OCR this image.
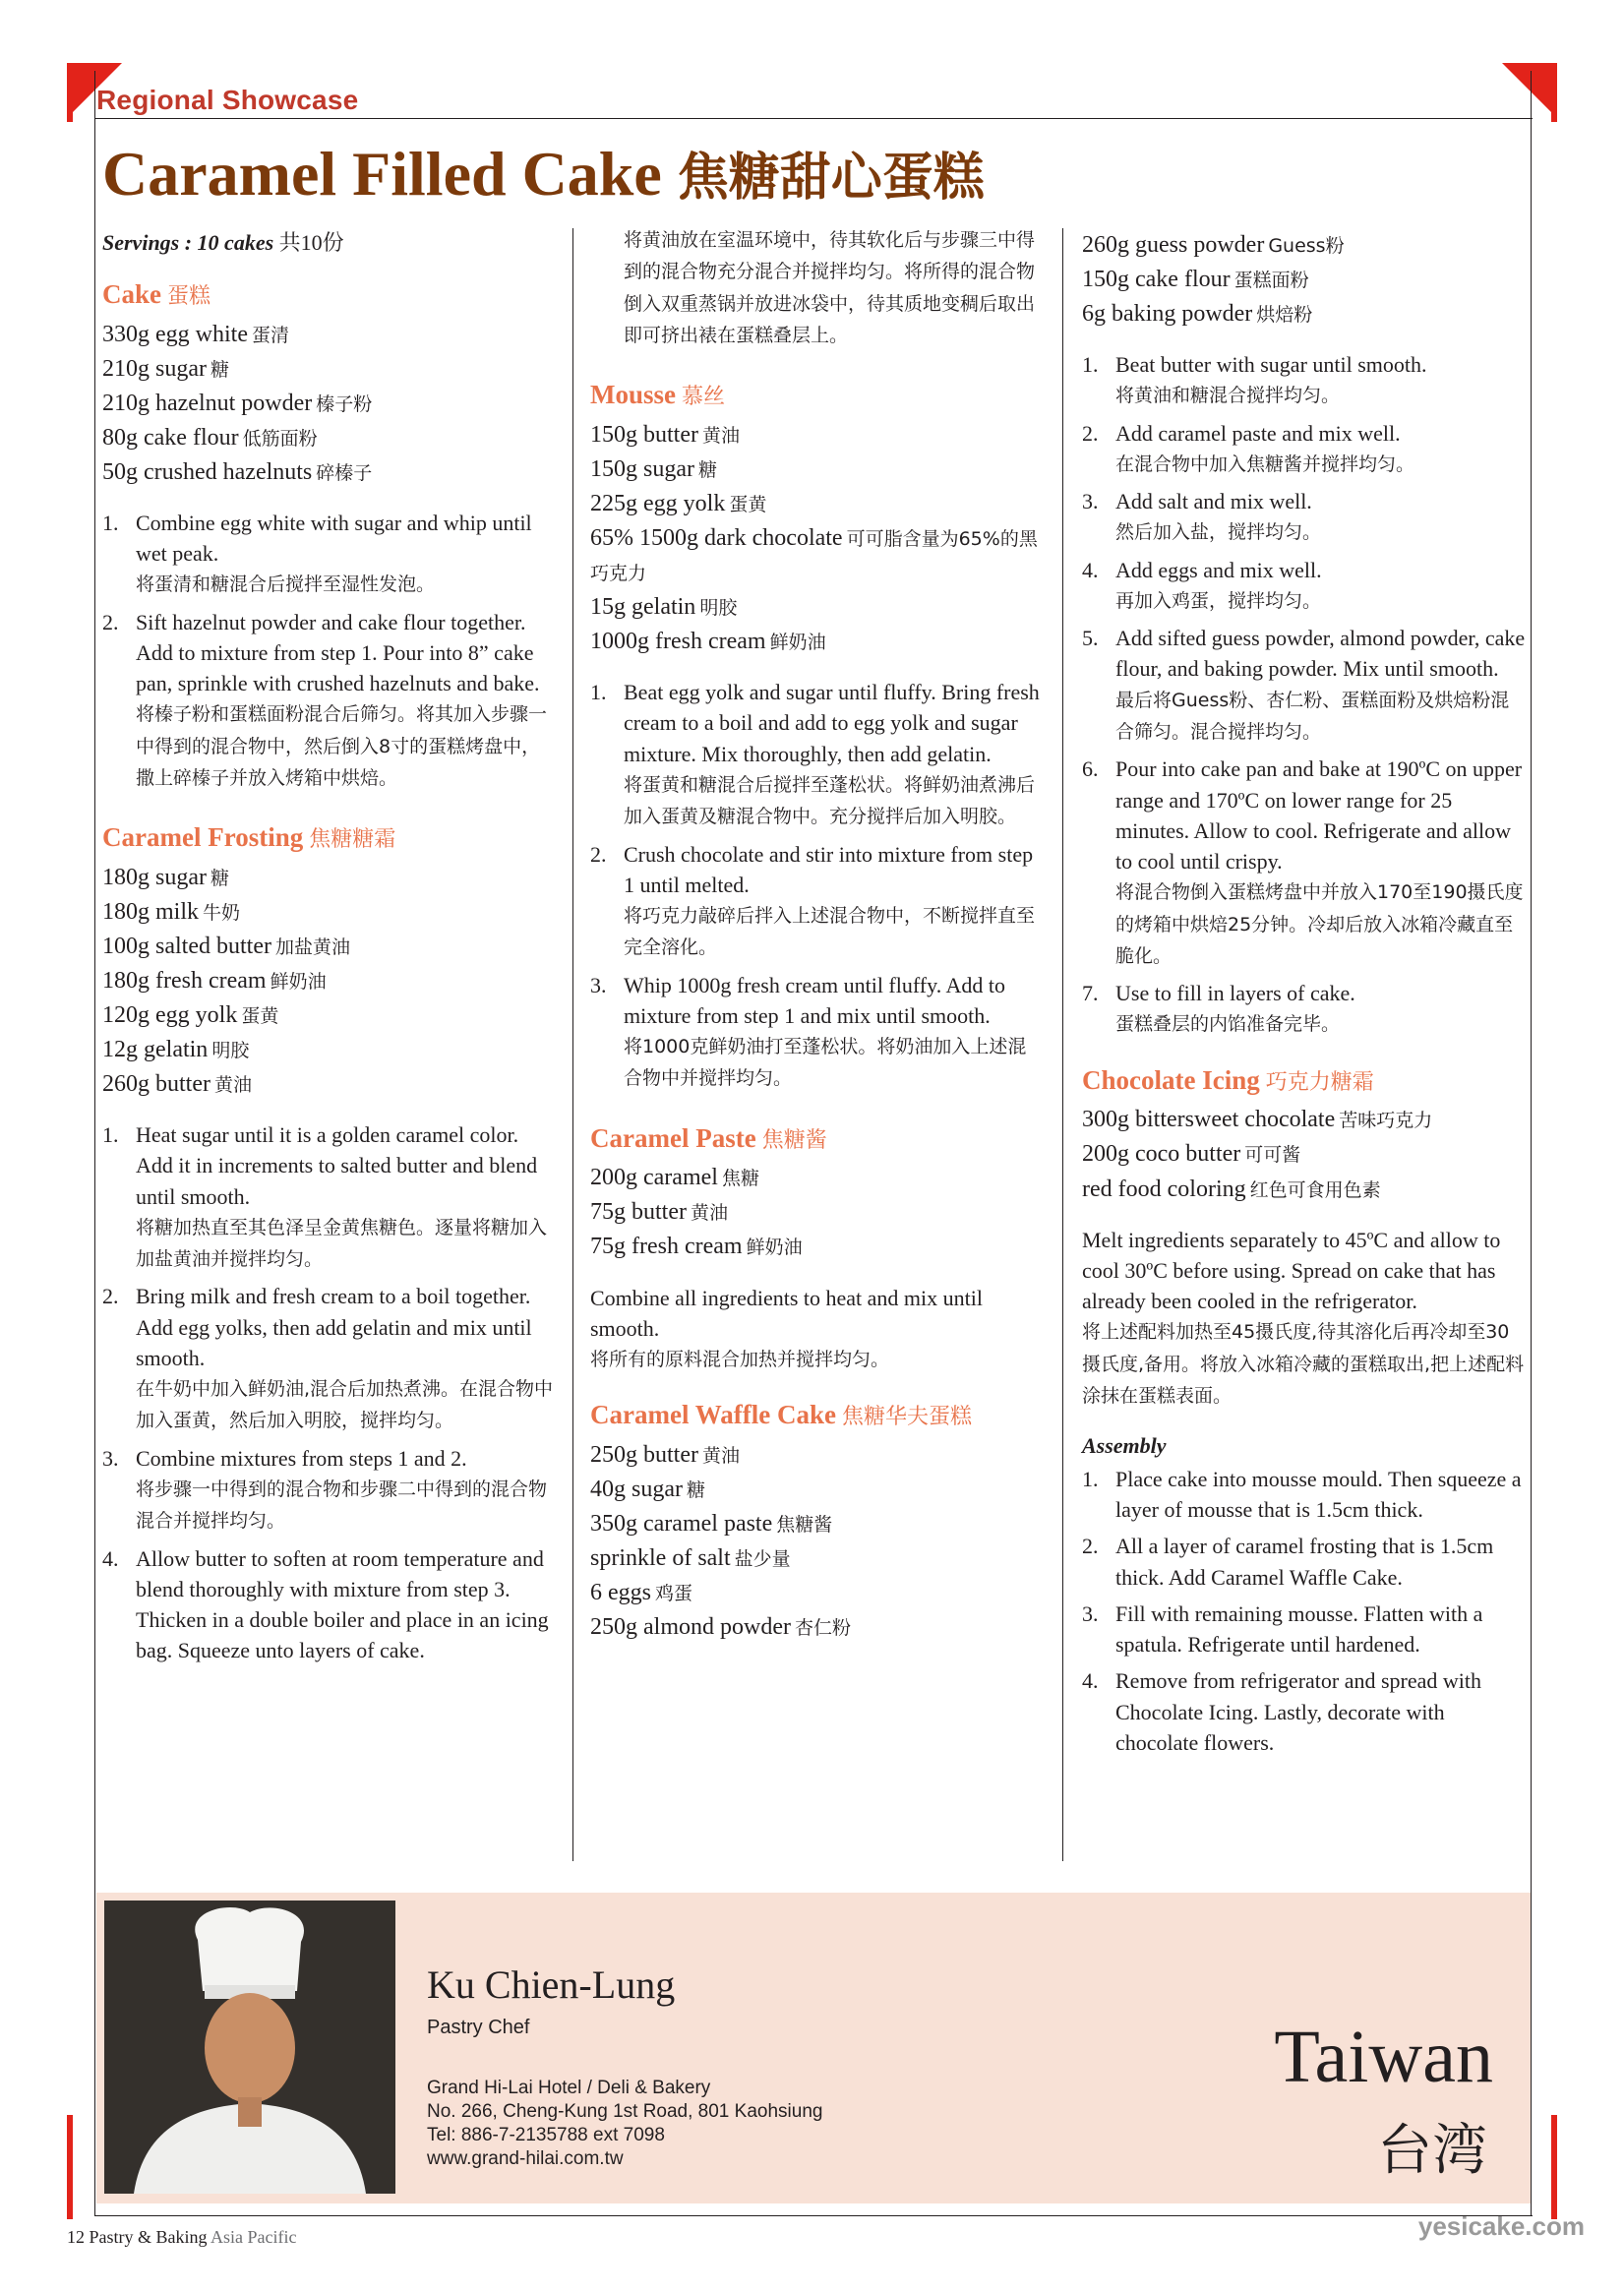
Regional Showcase
Caramel Filled Cake 焦糖甜心蛋糕
Servings : 10 cakes 共10份
Cake 蛋糕
330g egg white 蛋清
210g sugar 糖
210g hazelnut powder 榛子粉
80g cake flour 低筋面粉
50g crushed hazelnuts 碎榛子
1. Combine egg white with sugar and whip until wet peak.
将蛋清和糖混合后搅拌至湿性发泡。
2. Sift hazelnut powder and cake flour together. Add to mixture from step 1. Pour into 8” cake pan, sprinkle with crushed hazelnuts and bake.
将榛子粉和蛋糕面粉混合后筛匀。将其加入步骤一中得到的混合物中，然后倒入8寸的蛋糕烤盘中，撒上碎榛子并放入烤箱中烘焙。
Caramel Frosting 焦糖糖霜
180g sugar 糖
180g milk 牛奶
100g salted butter 加盐黄油
180g fresh cream 鲜奶油
120g egg yolk 蛋黄
12g gelatin 明胶
260g butter 黄油
1. Heat sugar until it is a golden caramel color. Add it in increments to salted butter and blend until smooth.
将糖加热直至其色泽呈金黄焦糖色。逐量将糖加入加盐黄油并搅拌均匀。
2. Bring milk and fresh cream to a boil together. Add egg yolks, then add gelatin and mix until smooth.
在牛奶中加入鲜奶油,混合后加热煮沸。在混合物中加入蛋黄，然后加入明胶，搅拌均匀。
3. Combine mixtures from steps 1 and 2.
将步骤一中得到的混合物和步骤二中得到的混合物混合并搅拌均匀。
4. Allow butter to soften at room temperature and blend thoroughly with mixture from step 3. Thicken in a double boiler and place in an icing bag. Squeeze unto layers of cake.
将黄油放在室温环境中，待其软化后与步骤三中得到的混合物充分混合并搅拌均匀。将所得的混合物倒入双重蒸锅并放进冰袋中，待其质地变稠后取出即可挤出裱在蛋糕叠层上。
Mousse 慕丝
150g butter 黄油
150g sugar 糖
225g egg yolk 蛋黄
65% 1500g dark chocolate 可可脂含量为65%的黑巧克力
15g gelatin 明胶
1000g fresh cream 鲜奶油
1. Beat egg yolk and sugar until fluffy. Bring fresh cream to a boil and add to egg yolk and sugar mixture. Mix thoroughly, then add gelatin.
将蛋黄和糖混合后搅拌至蓬松状。将鲜奶油煮沸后加入蛋黄及糖混合物中。充分搅拌后加入明胶。
2. Crush chocolate and stir into mixture from step 1 until melted.
将巧克力敲碎后拌入上述混合物中，不断搅拌直至完全溶化。
3. Whip 1000g fresh cream until fluffy. Add to mixture from step 1 and mix until smooth.
将1000克鲜奶油打至蓬松状。将奶油加入上述混合物中并搅拌均匀。
Caramel Paste 焦糖酱
200g caramel 焦糖
75g butter 黄油
75g fresh cream 鲜奶油
Combine all ingredients to heat and mix until smooth.
将所有的原料混合加热并搅拌均匀。
Caramel Waffle Cake 焦糖华夫蛋糕
250g butter 黄油
40g sugar 糖
350g caramel paste 焦糖酱
sprinkle of salt 盐少量
6 eggs 鸡蛋
250g almond powder 杏仁粉
260g guess powder Guess粉
150g cake flour 蛋糕面粉
6g baking powder 烘焙粉
1. Beat butter with sugar until smooth.
将黄油和糖混合搅拌均匀。
2. Add caramel paste and mix well.
在混合物中加入焦糖酱并搅拌均匀。
3. Add salt and mix well.
然后加入盐，搅拌均匀。
4. Add eggs and mix well.
再加入鸡蛋，搅拌均匀。
5. Add sifted guess powder, almond powder, cake flour, and baking powder. Mix until smooth.
最后将Guess粉、杏仁粉、蛋糕面粉及烘焙粉混合筛匀。混合搅拌均匀。
6. Pour into cake pan and bake at 190ºC on upper range and 170ºC on lower range for 25 minutes. Allow to cool. Refrigerate and allow to cool until crispy.
将混合物倒入蛋糕烤盘中并放入170至190摄氏度的烤箱中烘焙25分钟。冷却后放入冰箱冷藏直至脆化。
7. Use to fill in layers of cake.
蛋糕叠层的内馅准备完毕。
Chocolate Icing 巧克力糖霜
300g bittersweet chocolate 苦味巧克力
200g coco butter 可可酱
red food coloring 红色可食用色素
Melt ingredients separately to 45ºC and allow to cool 30ºC before using. Spread on cake that has already been cooled in the refrigerator.
将上述配料加热至45摄氏度,待其溶化后再冷却至30摄氏度,备用。将放入冰箱冷藏的蛋糕取出,把上述配料涂抹在蛋糕表面。
Assembly
1. Place cake into mousse mould. Then squeeze a layer of mousse that is 1.5cm thick.
2. All a layer of caramel frosting that is 1.5cm thick. Add Caramel Waffle Cake.
3. Fill with remaining mousse. Flatten with a spatula. Refrigerate until hardened.
4. Remove from refrigerator and spread with Chocolate Icing. Lastly, decorate with chocolate flowers.
Ku Chien-Lung
Pastry Chef
Grand Hi-Lai Hotel / Deli & Bakery
No. 266, Cheng-Kung 1st Road, 801 Kaohsiung
Tel: 886-7-2135788 ext 7098
www.grand-hilai.com.tw
Taiwan
台湾
12 Pastry & Baking Asia Pacific	yesicake.com
